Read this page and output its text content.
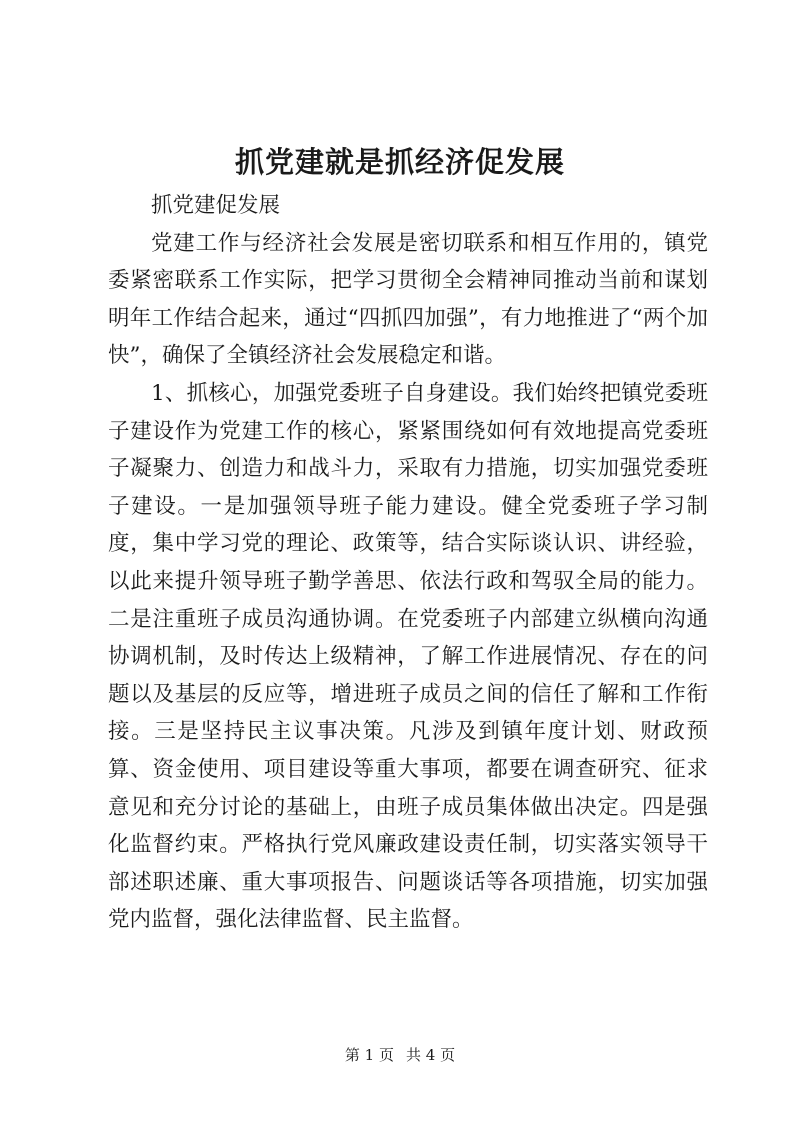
抓党建就是抓经济促发展
抓党建促发展

党建工作与经济社会发展是密切联系和相互作用的，镇党委紧密联系工作实际，把学习贯彻全会精神同推动当前和谋划明年工作结合起来，通过“四抓四加强”，有力地推进了“两个加快”，确保了全镇经济社会发展稳定和谐。

1、抓核心，加强党委班子自身建设。我们始终把镇党委班子建设作为党建工作的核心，紧紧围绕如何有效地提高党委班子凝聚力、创造力和战斗力，采取有力措施，切实加强党委班子建设。一是加强领导班子能力建设。健全党委班子学习制度，集中学习党的理论、政策等，结合实际谈认识、讲经验，以此来提升领导班子勤学善思、依法行政和驾驭全局的能力。二是注重班子成员沟通协调。在党委班子内部建立纵横向沟通协调机制，及时传达上级精神，了解工作进展情况、存在的问题以及基层的反应等，增进班子成员之间的信任了解和工作衔接。三是坚持民主议事决策。凡涉及到镇年度计划、财政预算、资金使用、项目建设等重大事项，都要在调查研究、征求意见和充分讨论的基础上，由班子成员集体做出决定。四是强化监督约束。严格执行党风廉政建设责任制，切实落实领导干部述职述廉、重大事项报告、问题谈话等各项措施，切实加强党内监督，强化法律监督、民主监督。

第 1 页 共 4 页
